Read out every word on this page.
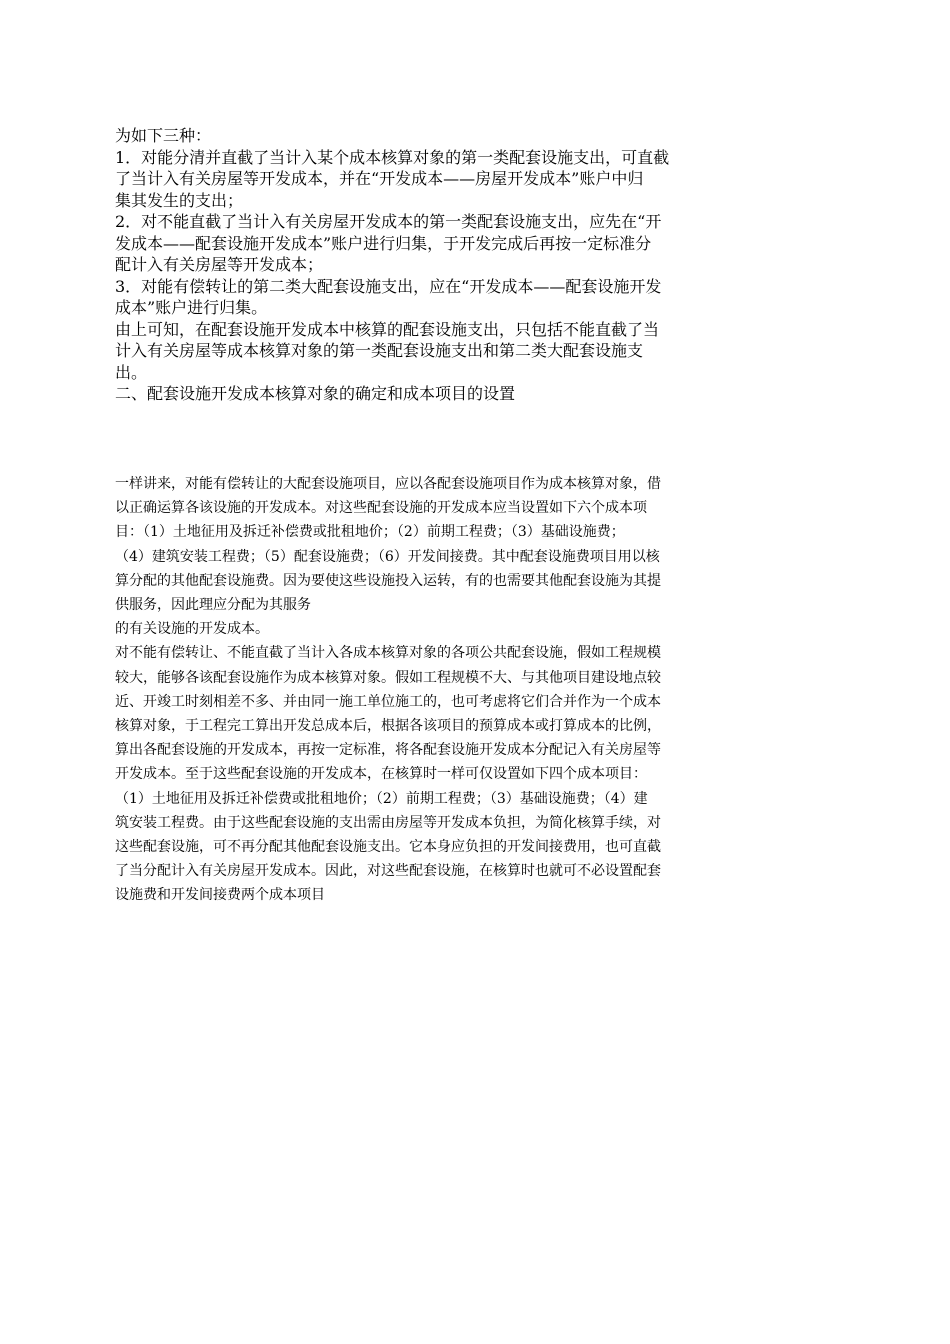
为如下三种：

1．对能分清并直截了当计入某个成本核算对象的第一类配套设施支出，可直截
了当计入有关房屋等开发成本，并在“开发成本——房屋开发成本”账户中归
集其发生的支出；

2．对不能直截了当计入有关房屋开发成本的第一类配套设施支出，应先在“开
发成本——配套设施开发成本”账户进行归集，于开发完成后再按一定标准分
配计入有关房屋等开发成本；

3．对能有偿转让的第二类大配套设施支出，应在“开发成本——配套设施开发
成本”账户进行归集。

由上可知，在配套设施开发成本中核算的配套设施支出，只包括不能直截了当
计入有关房屋等成本核算对象的第一类配套设施支出和第二类大配套设施支
出。

二、配套设施开发成本核算对象的确定和成本项目的设置

一样讲来，对能有偿转让的大配套设施项目，应以各配套设施项目作为成本核算对象，借
以正确运算各该设施的开发成本。对这些配套设施的开发成本应当设置如下六个成本项
目：（1）土地征用及拆迁补偿费或批租地价；（2）前期工程费；（3）基础设施费；
（4）建筑安装工程费；（5）配套设施费；（6）开发间接费。其中配套设施费项目用以核
算分配的其他配套设施费。因为要使这些设施投入运转，有的也需要其他配套设施为其提
供服务，因此理应分配为其服务

的有关设施的开发成本。

对不能有偿转让、不能直截了当计入各成本核算对象的各项公共配套设施，假如工程规模
较大，能够各该配套设施作为成本核算对象。假如工程规模不大、与其他项目建设地点较
近、开竣工时刻相差不多、并由同一施工单位施工的，也可考虑将它们合并作为一个成本
核算对象，于工程完工算出开发总成本后，根据各该项目的预算成本或打算成本的比例，
算出各配套设施的开发成本，再按一定标准，将各配套设施开发成本分配记入有关房屋等
开发成本。至于这些配套设施的开发成本，在核算时一样可仅设置如下四个成本项目：
（1）土地征用及拆迁补偿费或批租地价；（2）前期工程费；（3）基础设施费；（4）建
筑安装工程费。由于这些配套设施的支出需由房屋等开发成本负担，为简化核算手续，对
这些配套设施，可不再分配其他配套设施支出。它本身应负担的开发间接费用，也可直截
了当分配计入有关房屋开发成本。因此，对这些配套设施，在核算时也就可不必设置配套
设施费和开发间接费两个成本项目
